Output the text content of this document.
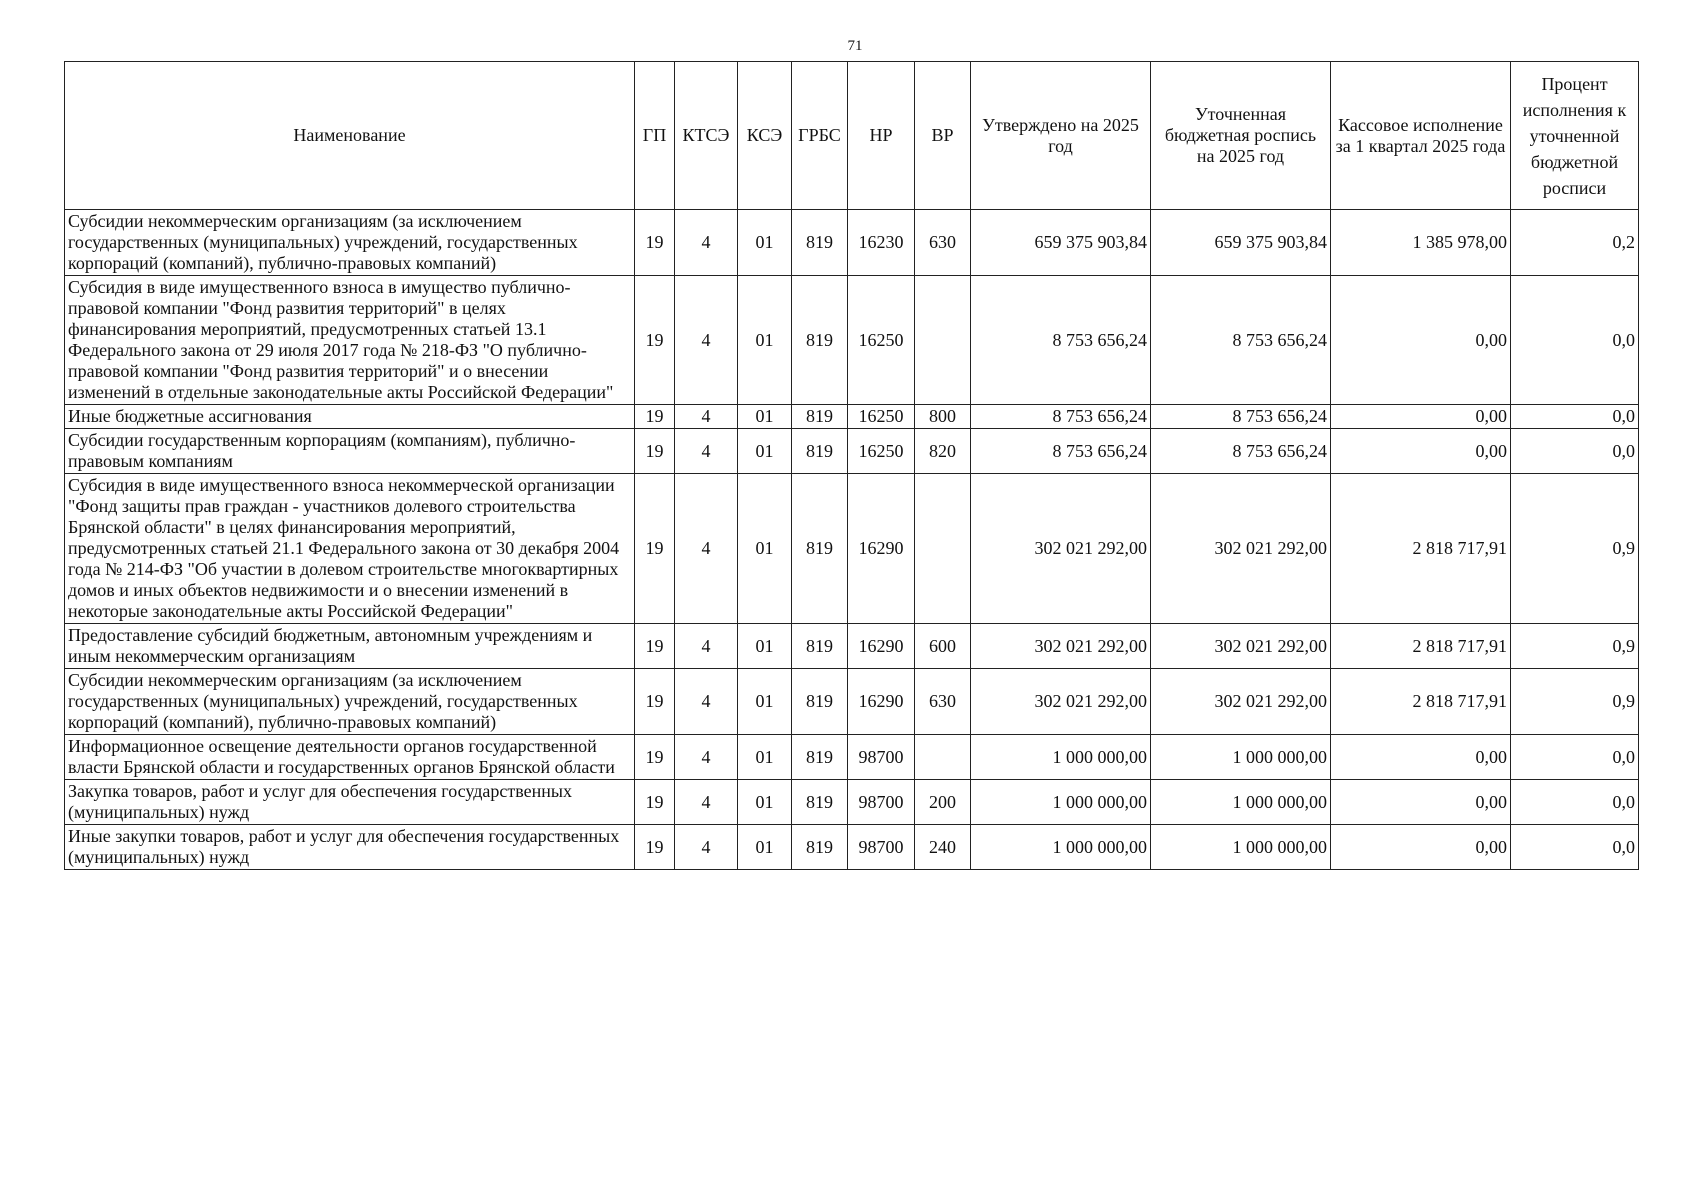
71
Наименование	ГП	КТСЭ	КСЭ	ГРБС	НР	ВР	Утверждено на 2025 год	Уточненная бюджетная роспись на 2025 год	Кассовое исполнение за 1 квартал 2025 года	Процент исполнения к уточненной бюджетной росписи
Субсидии некоммерческим организациям (за исключением государственных (муниципальных) учреждений, государственных корпораций (компаний), публично-правовых компаний)	19	4	01	819	16230	630	659 375 903,84	659 375 903,84	1 385 978,00	0,2
Субсидия в виде имущественного взноса в имущество публично-правовой компании "Фонд развития территорий" в целях финансирования мероприятий, предусмотренных статьей 13.1 Федерального закона от 29 июля 2017 года № 218-ФЗ "О публично-правовой компании "Фонд развития территорий" и о внесении изменений в отдельные законодательные акты Российской Федерации"	19	4	01	819	16250		8 753 656,24	8 753 656,24	0,00	0,0
Иные бюджетные ассигнования	19	4	01	819	16250	800	8 753 656,24	8 753 656,24	0,00	0,0
Субсидии государственным корпорациям (компаниям), публично-правовым компаниям	19	4	01	819	16250	820	8 753 656,24	8 753 656,24	0,00	0,0
Субсидия в виде имущественного взноса некоммерческой организации "Фонд защиты прав граждан - участников долевого строительства Брянской области" в целях финансирования мероприятий, предусмотренных статьей 21.1 Федерального закона от 30 декабря 2004 года № 214-ФЗ "Об участии в долевом строительстве многоквартирных домов и иных объектов недвижимости и о внесении изменений в некоторые законодательные акты Российской Федерации"	19	4	01	819	16290		302 021 292,00	302 021 292,00	2 818 717,91	0,9
Предоставление субсидий бюджетным, автономным учреждениям и иным некоммерческим организациям	19	4	01	819	16290	600	302 021 292,00	302 021 292,00	2 818 717,91	0,9
Субсидии некоммерческим организациям (за исключением государственных (муниципальных) учреждений, государственных корпораций (компаний), публично-правовых компаний)	19	4	01	819	16290	630	302 021 292,00	302 021 292,00	2 818 717,91	0,9
Информационное освещение деятельности органов государственной власти Брянской области и государственных органов Брянской области	19	4	01	819	98700		1 000 000,00	1 000 000,00	0,00	0,0
Закупка товаров, работ и услуг для обеспечения государственных (муниципальных) нужд	19	4	01	819	98700	200	1 000 000,00	1 000 000,00	0,00	0,0
Иные закупки товаров, работ и услуг для обеспечения государственных (муниципальных) нужд	19	4	01	819	98700	240	1 000 000,00	1 000 000,00	0,00	0,0
